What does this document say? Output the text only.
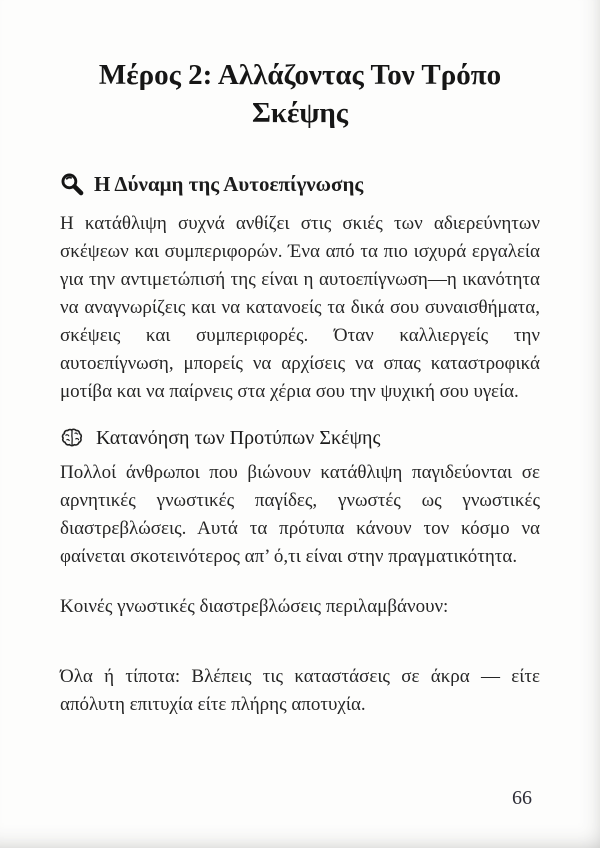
Μέρος 2: Αλλάζοντας Τον Τρόπο Σκέψης
Η Δύναμη της Αυτοεπίγνωσης

Η κατάθλιψη συχνά ανθίζει στις σκιές των αδιερεύνητων σκέψεων και συμπεριφορών. Ένα από τα πιο ισχυρά εργαλεία για την αντιμετώπισή της είναι η αυτοεπίγνωση—η ικανότητα να αναγνωρίζεις και να κατανοείς τα δικά σου συναισθήματα, σκέψεις και συμπεριφορές. Όταν καλλιεργείς την αυτοεπίγνωση, μπορείς να αρχίσεις να σπας καταστροφικά μοτίβα και να παίρνεις στα χέρια σου την ψυχική σου υγεία.

Κατανόηση των Προτύπων Σκέψης

Πολλοί άνθρωποι που βιώνουν κατάθλιψη παγιδεύονται σε αρνητικές γνωστικές παγίδες, γνωστές ως γνωστικές διαστρεβλώσεις. Αυτά τα πρότυπα κάνουν τον κόσμο να φαίνεται σκοτεινότερος απ’ ό,τι είναι στην πραγματικότητα.

Κοινές γνωστικές διαστρεβλώσεις περιλαμβάνουν:

Όλα ή τίποτα: Βλέπεις τις καταστάσεις σε άκρα — είτε απόλυτη επιτυχία είτε πλήρης αποτυχία.

66
